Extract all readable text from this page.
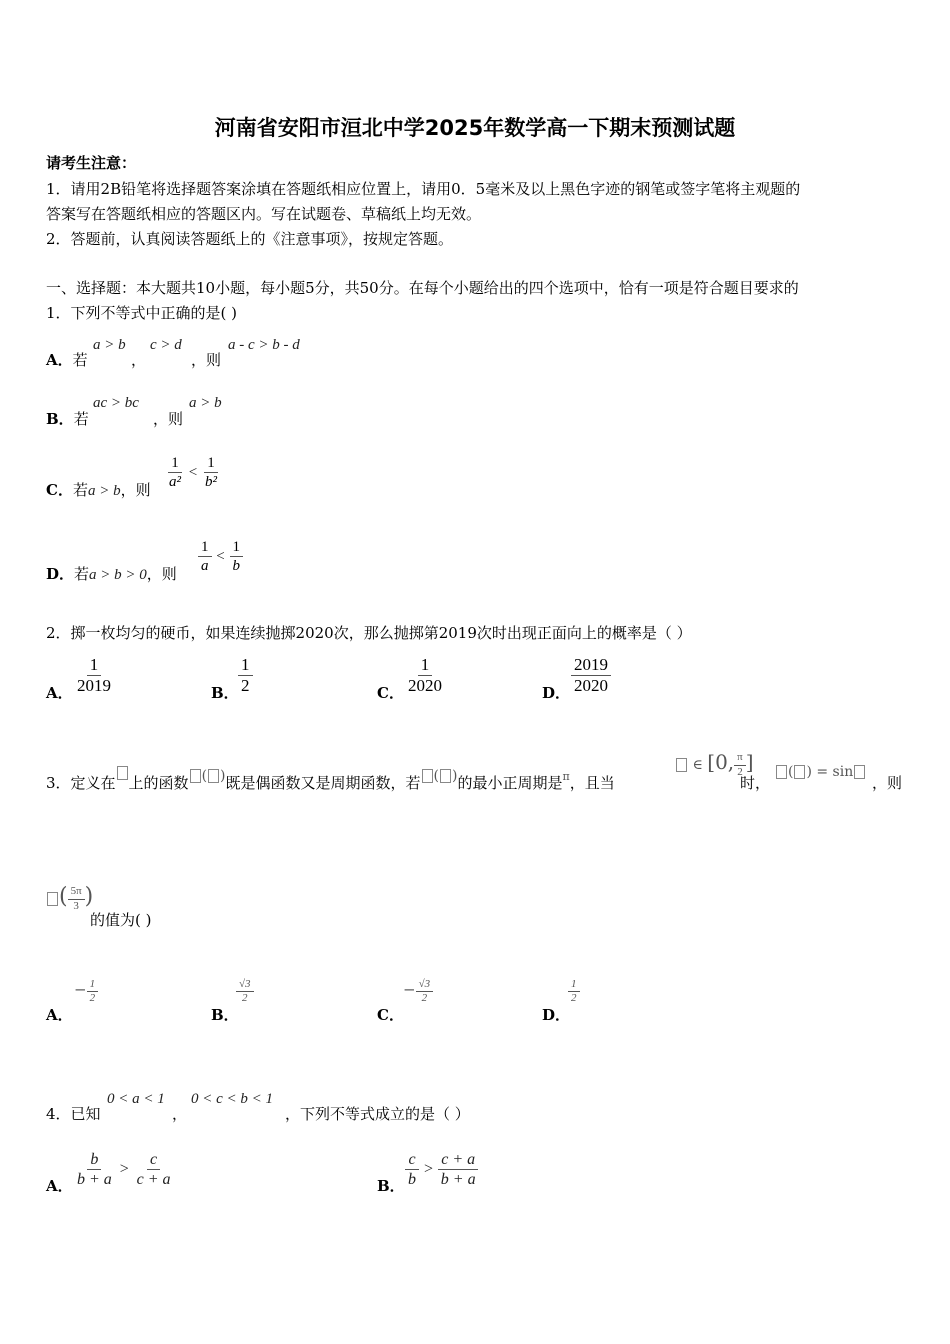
河南省安阳市洹北中学2025年数学高一下期末预测试题
请考生注意：
1．请用2B铅笔将选择题答案涂填在答题纸相应位置上，请用0．5毫米及以上黑色字迹的钢笔或签字笔将主观题的
答案写在答题纸相应的答题区内。写在试题卷、草稿纸上均无效。
2．答题前，认真阅读答题纸上的《注意事项》，按规定答题。
一、选择题：本大题共10小题，每小题5分，共50分。在每个小题给出的四个选项中，恰有一项是符合题目要求的
1．下列不等式中正确的是( )
A．若
a > b
，
c > d
，则
a - c > b - d
B．若
ac > bc
，则
a > b
C．若a > b，则 $\frac{1}{\text{a²}} < \frac{1}{\text{b²}}$
D．若a > b > 0，则 $\frac{1}{a} < \frac{1}{b}$
2．掷一枚均匀的硬币，如果连续抛掷2020次，那么抛掷第2019次时出现正面向上的概率是（ ）
A． $\frac{1}{2019}$	B． $\frac{1}{2}$	C． $\frac{1}{2020}$	D． $\frac{2019}{2020}$
3．定义在 上的函数 ( )既是偶函数又是周期函数，若 ( )的最小正周期是$^\pi$，且当
∈ [0, $\frac{\pi}{2}$ ]
时，
( ) = sin
，则
( $\frac{5\pi}{3}$ )
的值为( )
A．
− $\frac{1}{2}$
B．
$\frac{√3}{2}$
C．
− $\frac{√3}{2}$
D．
$\frac{1}{2}$
4．已知
0 < a < 1
，
0 < c < b < 1
，下列不等式成立的是（ ）
A． $\frac{b}{b + a} > \frac{c}{c + a}$	B． $\frac{c}{b} > \frac{c + a}{b + a}$
